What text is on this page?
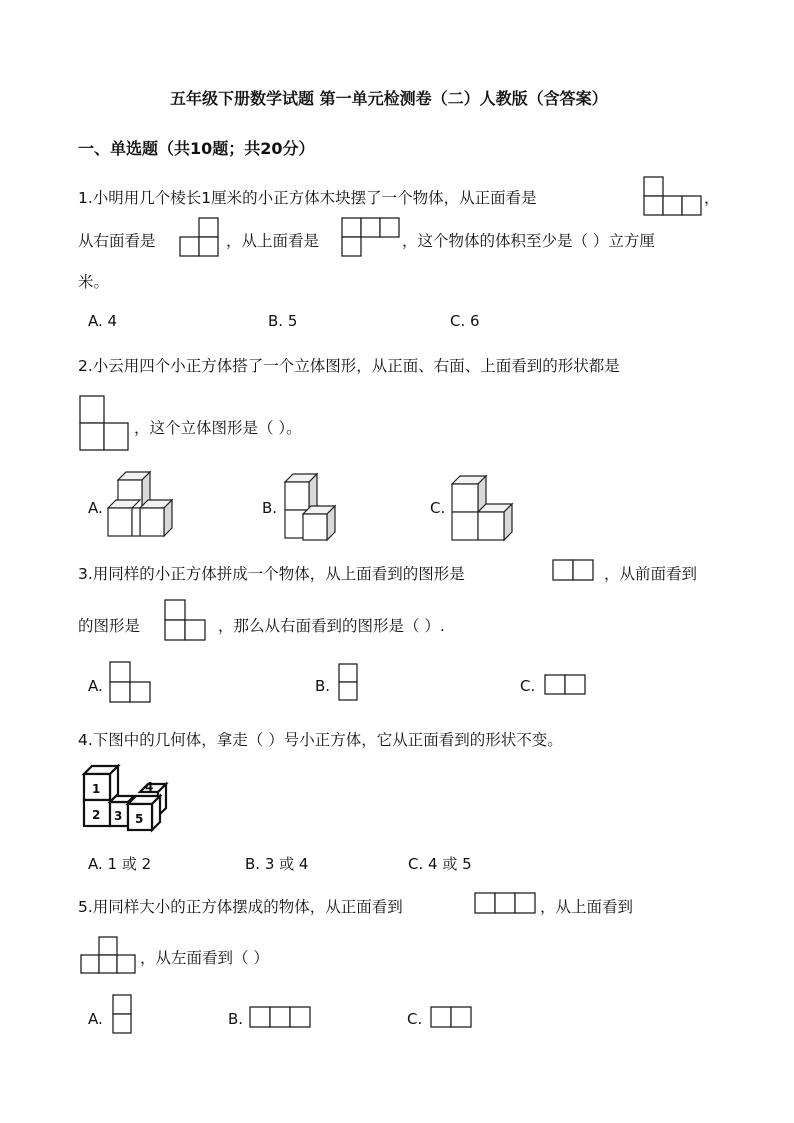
五年级下册数学试题 第一单元检测卷（二）人教版（含答案）
一、单选题（共10题；共20分）
1.小明用几个棱长1厘米的小正方体木块摆了一个物体，从正面看是	，
从右面看是	，从上面看是	，这个物体的体积至少是（ ）立方厘
米。
A. 4	B. 5	C. 6
2.小云用四个小正方体搭了一个立体图形，从正面、右面、上面看到的形状都是
，这个立体图形是（ ）。
A.	B.	C.
3.用同样的小正方体拼成一个物体，从上面看到的图形是	，从前面看到
的图形是	，那么从右面看到的图形是（ ）.
A.	B.	C.
4.下图中的几何体，拿走（ ）号小正方体，它从正面看到的形状不变。
4
1
2 3 5
A. 1 或 2	B. 3 或 4	C. 4 或 5
5.用同样大小的正方体摆成的物体，从正面看到	，从上面看到
，从左面看到（ ）
A.	B.	C.
